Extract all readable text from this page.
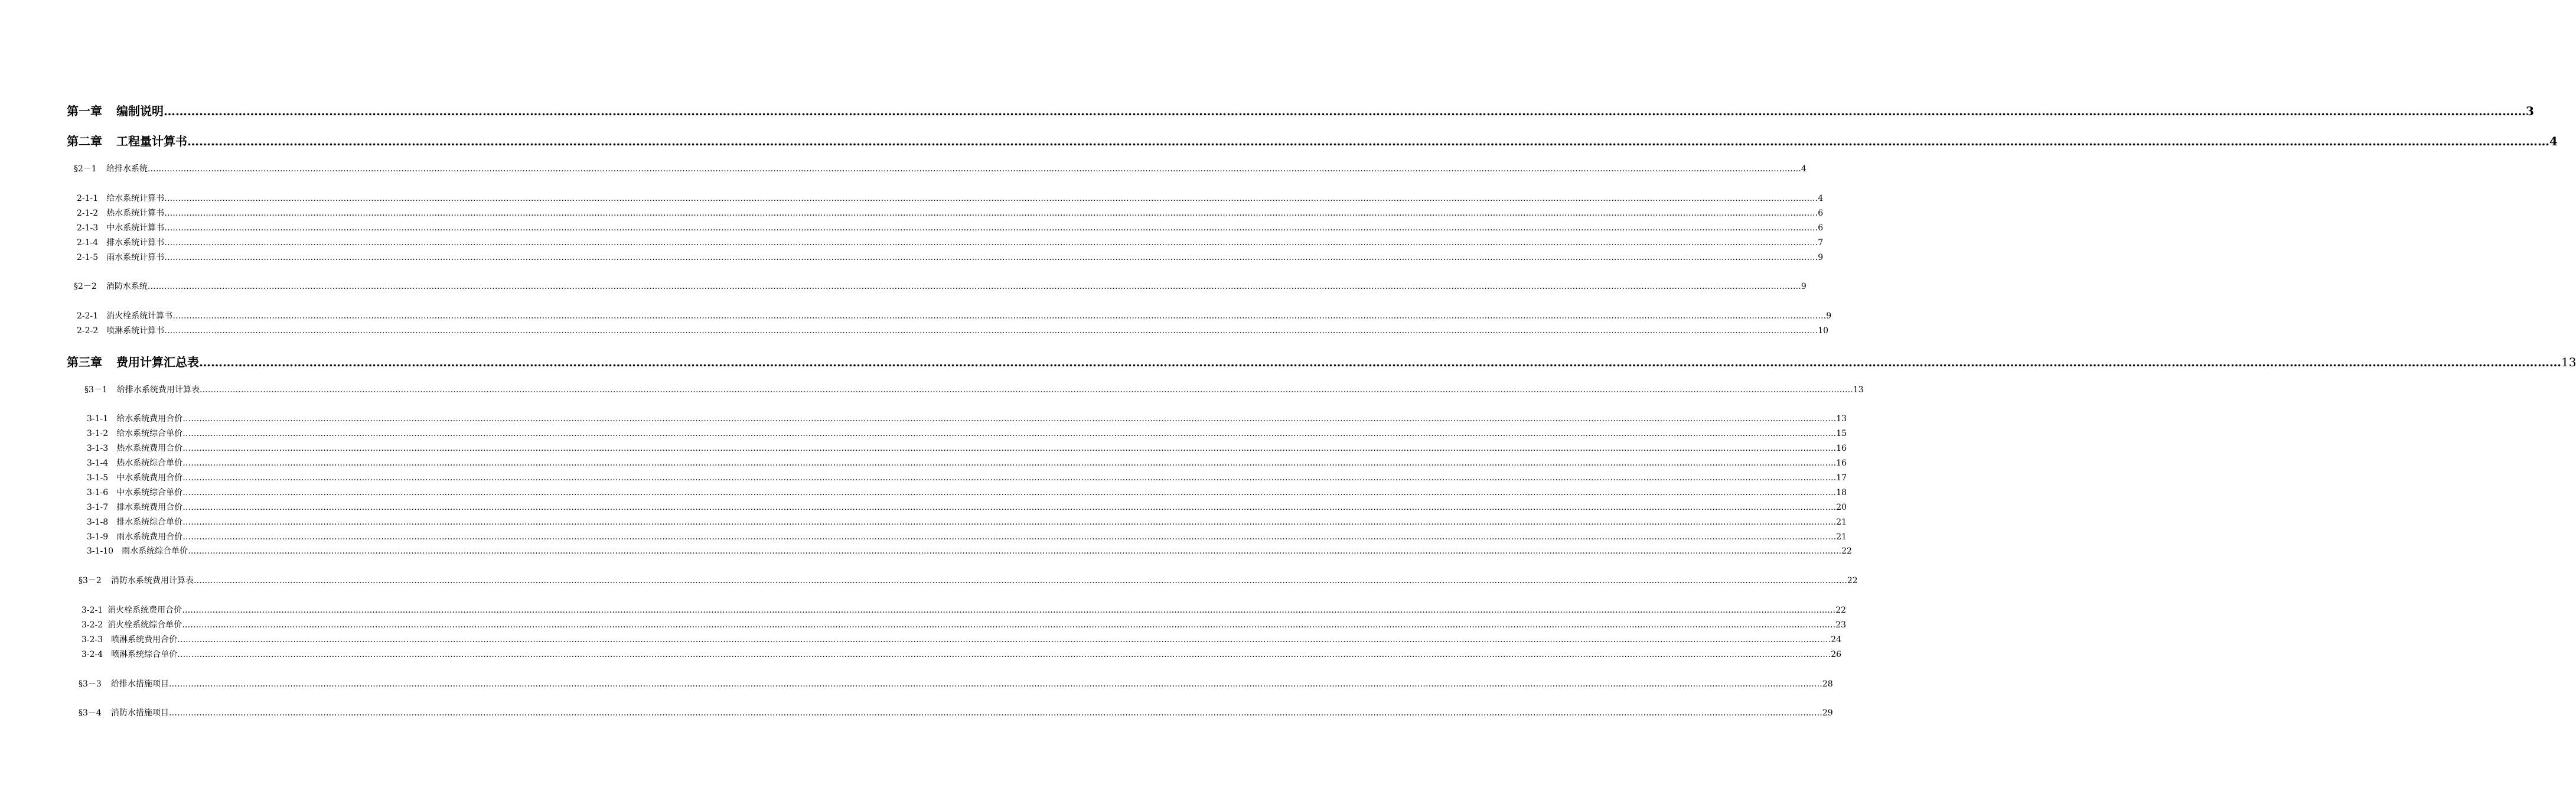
第一章 编制说明 …………………………………………………………………………………………………………………………………………………………………………………………………………………………………………………………………………………………………………………………………………………………………………………………………………………………………………………………………………………………………………………………………………………… 3
第二章 工程量计算书 …………………………………………………………………………………………………………………………………………………………………………………………………………………………………………………………………………………………………………………………………………………………………………………………………………………………………………………………………………………………………………………………………………………… 4
§2－1 给排水系统 …………………………………………………………………………………………………………………………………………………………………………………………………………………………………………………………………………………………………………………………………………………………………………………………………………………………………………………………………………………………………………………………………………………… 4
2-1-1 给水系统计算书 …………………………………………………………………………………………………………………………………………………………………………………………………………………………………………………………………………………………………………………………………………………………………………………………………………………………………………………………………………………………………………………………………………………… 4
2-1-2 热水系统计算书 …………………………………………………………………………………………………………………………………………………………………………………………………………………………………………………………………………………………………………………………………………………………………………………………………………………………………………………………………………………………………………………………………………………… 6
2-1-3 中水系统计算书 …………………………………………………………………………………………………………………………………………………………………………………………………………………………………………………………………………………………………………………………………………………………………………………………………………………………………………………………………………………………………………………………………………………… 6
2-1-4 排水系统计算书 …………………………………………………………………………………………………………………………………………………………………………………………………………………………………………………………………………………………………………………………………………………………………………………………………………………………………………………………………………………………………………………………………………………… 7
2-1-5 雨水系统计算书 …………………………………………………………………………………………………………………………………………………………………………………………………………………………………………………………………………………………………………………………………………………………………………………………………………………………………………………………………………………………………………………………………………………… 9
§2－2 消防水系统 …………………………………………………………………………………………………………………………………………………………………………………………………………………………………………………………………………………………………………………………………………………………………………………………………………………………………………………………………………………………………………………………………………………… 9
2-2-1 消火栓系统计算书 …………………………………………………………………………………………………………………………………………………………………………………………………………………………………………………………………………………………………………………………………………………………………………………………………………………………………………………………………………………………………………………………………………………… 9
2-2-2 喷淋系统计算书 …………………………………………………………………………………………………………………………………………………………………………………………………………………………………………………………………………………………………………………………………………………………………………………………………………………………………………………………………………………………………………………………………………………… 10
第三章 费用计算汇总表 …………………………………………………………………………………………………………………………………………………………………………………………………………………………………………………………………………………………………………………………………………………………………………………………………………………………………………………………………………………………………………………………………………………… 13
§3－1 给排水系统费用计算表 …………………………………………………………………………………………………………………………………………………………………………………………………………………………………………………………………………………………………………………………………………………………………………………………………………………………………………………………………………………………………………………………………………………… 13
3-1-1 给水系统费用合价 …………………………………………………………………………………………………………………………………………………………………………………………………………………………………………………………………………………………………………………………………………………………………………………………………………………………………………………………………………………………………………………………………………………… 13
3-1-2 给水系统综合单价 …………………………………………………………………………………………………………………………………………………………………………………………………………………………………………………………………………………………………………………………………………………………………………………………………………………………………………………………………………………………………………………………………………………… 15
3-1-3 热水系统费用合价 …………………………………………………………………………………………………………………………………………………………………………………………………………………………………………………………………………………………………………………………………………………………………………………………………………………………………………………………………………………………………………………………………………………… 16
3-1-4 热水系统综合单价 …………………………………………………………………………………………………………………………………………………………………………………………………………………………………………………………………………………………………………………………………………………………………………………………………………………………………………………………………………………………………………………………………………………… 16
3-1-5 中水系统费用合价 …………………………………………………………………………………………………………………………………………………………………………………………………………………………………………………………………………………………………………………………………………………………………………………………………………………………………………………………………………………………………………………………………………………… 17
3-1-6 中水系统综合单价 …………………………………………………………………………………………………………………………………………………………………………………………………………………………………………………………………………………………………………………………………………………………………………………………………………………………………………………………………………………………………………………………………………………… 18
3-1-7 排水系统费用合价 …………………………………………………………………………………………………………………………………………………………………………………………………………………………………………………………………………………………………………………………………………………………………………………………………………………………………………………………………………………………………………………………………………………… 20
3-1-8 排水系统综合单价 …………………………………………………………………………………………………………………………………………………………………………………………………………………………………………………………………………………………………………………………………………………………………………………………………………………………………………………………………………………………………………………………………………………… 21
3-1-9 雨水系统费用合价 …………………………………………………………………………………………………………………………………………………………………………………………………………………………………………………………………………………………………………………………………………………………………………………………………………………………………………………………………………………………………………………………………………………… 21
3-1-10 雨水系统综合单价 …………………………………………………………………………………………………………………………………………………………………………………………………………………………………………………………………………………………………………………………………………………………………………………………………………………………………………………………………………………………………………………………………………………… 22
§3－2 消防水系统费用计算表 …………………………………………………………………………………………………………………………………………………………………………………………………………………………………………………………………………………………………………………………………………………………………………………………………………………………………………………………………………………………………………………………………………………… 22
3-2-1 消火栓系统费用合价 …………………………………………………………………………………………………………………………………………………………………………………………………………………………………………………………………………………………………………………………………………………………………………………………………………………………………………………………………………………………………………………………………………………… 22
3-2-2 消火栓系统综合单价 …………………………………………………………………………………………………………………………………………………………………………………………………………………………………………………………………………………………………………………………………………………………………………………………………………………………………………………………………………………………………………………………………………………… 23
3-2-3 喷淋系统费用合价 …………………………………………………………………………………………………………………………………………………………………………………………………………………………………………………………………………………………………………………………………………………………………………………………………………………………………………………………………………………………………………………………………………………… 24
3-2-4 喷淋系统综合单价 …………………………………………………………………………………………………………………………………………………………………………………………………………………………………………………………………………………………………………………………………………………………………………………………………………………………………………………………………………………………………………………………………………………… 26
§3－3 给排水措施项目 …………………………………………………………………………………………………………………………………………………………………………………………………………………………………………………………………………………………………………………………………………………………………………………………………………………………………………………………………………………………………………………………………………………… 28
§3－4 消防水措施项目 …………………………………………………………………………………………………………………………………………………………………………………………………………………………………………………………………………………………………………………………………………………………………………………………………………………………………………………………………………………………………………………………………………………… 29
